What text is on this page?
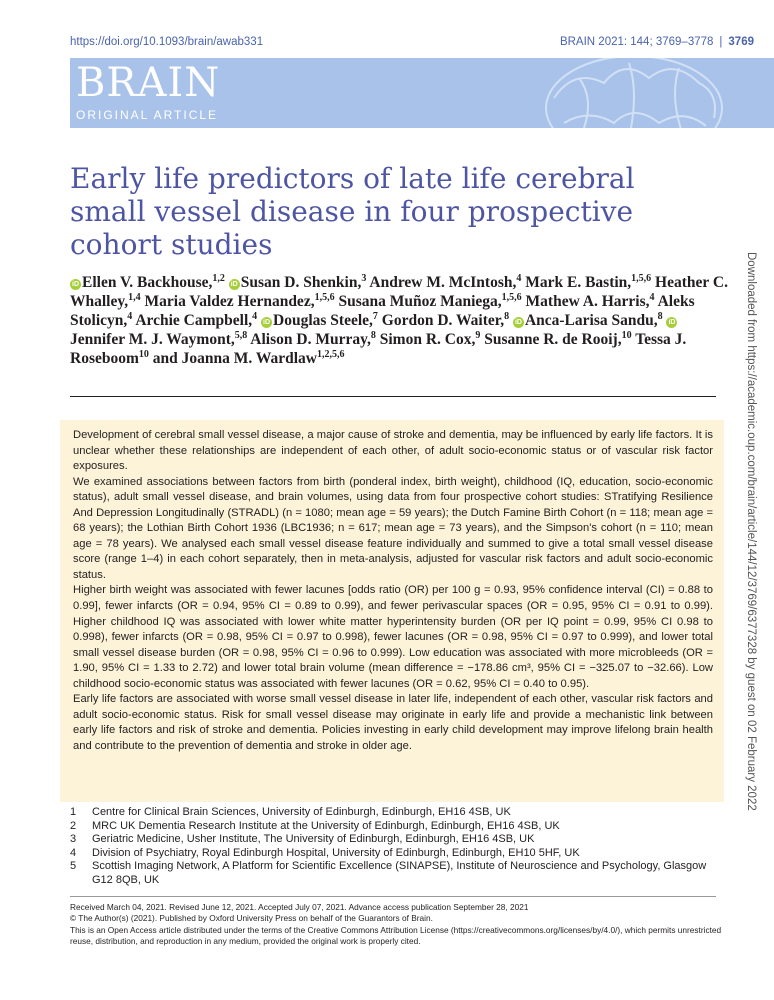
https://doi.org/10.1093/brain/awab331	BRAIN 2021: 144; 3769–3778 | 3769
BRAIN
ORIGINAL ARTICLE
Early life predictors of late life cerebral small vessel disease in four prospective cohort studies
iD Ellen V. Backhouse,$^{1,2}$ iD Susan D. Shenkin,$^3$ Andrew M. McIntosh,$^4$ Mark E. Bastin,$^{1,5,6}$ Heather C. Whalley,$^{1,4}$ Maria Valdez Hernandez,$^{1,5,6}$ Susana Muñoz Maniega,$^{1,5,6}$ Mathew A. Harris,$^4$ Aleks Stolicyn,$^4$ Archie Campbell,$^4$ iD Douglas Steele,$^7$ Gordon D. Waiter,$^8$ iD Anca-Larisa Sandu,$^8$ iDJennifer M. J. Waymont,$^{5,8}$ Alison D. Murray,$^8$ Simon R. Cox,$^9$ Susanne R. de Rooij,$^{10}$ Tessa J. Roseboom$^{10}$ and Joanna M. Wardlaw$^{1,2,5,6}$

Development of cerebral small vessel disease, a major cause of stroke and dementia, may be influenced by early life factors. It is unclear whether these relationships are independent of each other, of adult socio-economic status or of vascular risk factor exposures.

We examined associations between factors from birth (ponderal index, birth weight), childhood (IQ, education, socio-economic status), adult small vessel disease, and brain volumes, using data from four prospective cohort studies: STratifying Resilience And Depression Longitudinally (STRADL) (n = 1080; mean age = 59 years); the Dutch Famine Birth Cohort (n = 118; mean age = 68 years); the Lothian Birth Cohort 1936 (LBC1936; n = 617; mean age = 73 years), and the Simpson's cohort (n = 110; mean age = 78 years). We analysed each small vessel disease feature individually and summed to give a total small vessel disease score (range 1–4) in each cohort separately, then in meta-analysis, adjusted for vascular risk factors and adult socio-economic status.

Higher birth weight was associated with fewer lacunes [odds ratio (OR) per 100 g = 0.93, 95% confidence interval (CI) = 0.88 to 0.99], fewer infarcts (OR = 0.94, 95% CI = 0.89 to 0.99), and fewer perivascular spaces (OR = 0.95, 95% CI = 0.91 to 0.99). Higher childhood IQ was associated with lower white matter hyperintensity burden (OR per IQ point = 0.99, 95% CI 0.98 to 0.998), fewer infarcts (OR = 0.98, 95% CI = 0.97 to 0.998), fewer lacunes (OR = 0.98, 95% CI = 0.97 to 0.999), and lower total small vessel disease burden (OR = 0.98, 95% CI = 0.96 to 0.999). Low education was associated with more microbleeds (OR = 1.90, 95% CI = 1.33 to 2.72) and lower total brain volume (mean difference = −178.86 cm³, 95% CI = −325.07 to −32.66). Low childhood socio-economic status was associated with fewer lacunes (OR = 0.62, 95% CI = 0.40 to 0.95).

Early life factors are associated with worse small vessel disease in later life, independent of each other, vascular risk factors and adult socio-economic status. Risk for small vessel disease may originate in early life and provide a mechanistic link between early life factors and risk of stroke and dementia. Policies investing in early child development may improve lifelong brain health and contribute to the prevention of dementia and stroke in older age.

1	Centre for Clinical Brain Sciences, University of Edinburgh, Edinburgh, EH16 4SB, UK
2	MRC UK Dementia Research Institute at the University of Edinburgh, Edinburgh, EH16 4SB, UK
3	Geriatric Medicine, Usher Institute, The University of Edinburgh, Edinburgh, EH16 4SB, UK
4	Division of Psychiatry, Royal Edinburgh Hospital, University of Edinburgh, Edinburgh, EH10 5HF, UK
5	Scottish Imaging Network, A Platform for Scientific Excellence (SINAPSE), Institute of Neuroscience and Psychology, Glasgow G12 8QB, UK
Received March 04, 2021. Revised June 12, 2021. Accepted July 07, 2021. Advance access publication September 28, 2021
© The Author(s) (2021). Published by Oxford University Press on behalf of the Guarantors of Brain.
This is an Open Access article distributed under the terms of the Creative Commons Attribution License (https://creativecommons.org/licenses/by/4.0/), which permits unrestricted reuse, distribution, and reproduction in any medium, provided the original work is properly cited.
Downloaded from https://academic.oup.com/brain/article/144/12/3769/6377328 by guest on 02 February 2022
